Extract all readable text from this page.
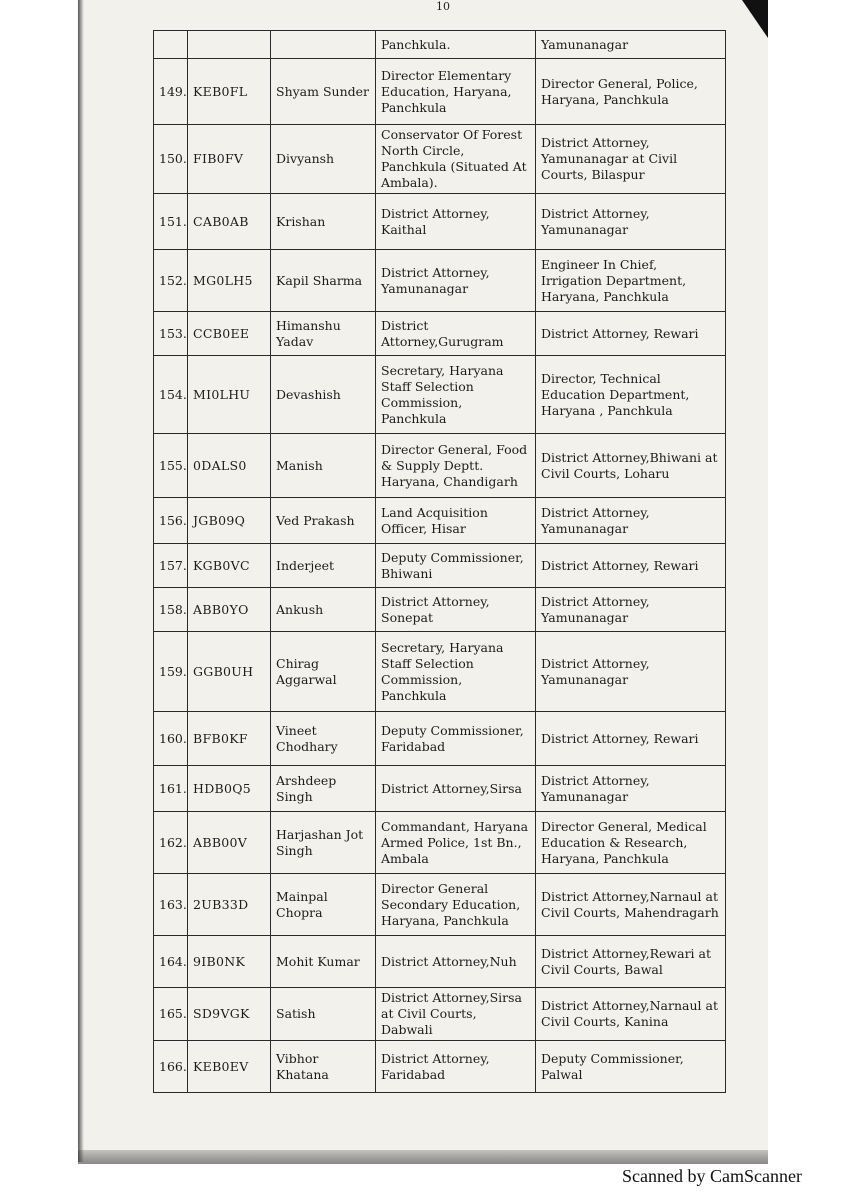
10
			Panchkula.	Yamunanagar
149.	KEB0FL	Shyam Sunder	Director Elementary Education, Haryana, Panchkula	Director General, Police, Haryana, Panchkula
150.	FIB0FV	Divyansh	Conservator Of Forest North Circle, Panchkula (Situated At Ambala).	District Attorney, Yamunanagar at Civil Courts, Bilaspur
151.	CAB0AB	Krishan	District Attorney, Kaithal	District Attorney, Yamunanagar
152.	MG0LH5	Kapil Sharma	District Attorney, Yamunanagar	Engineer In Chief, Irrigation Department, Haryana, Panchkula
153.	CCB0EE	Himanshu Yadav	District Attorney,Gurugram	District Attorney, Rewari
154.	MI0LHU	Devashish	Secretary, Haryana Staff Selection Commission, Panchkula	Director, Technical Education Department, Haryana , Panchkula
155.	0DALS0	Manish	Director General, Food & Supply Deptt. Haryana, Chandigarh	District Attorney,Bhiwani at Civil Courts, Loharu
156.	JGB09Q	Ved Prakash	Land Acquisition Officer, Hisar	District Attorney, Yamunanagar
157.	KGB0VC	Inderjeet	Deputy Commissioner, Bhiwani	District Attorney, Rewari
158.	ABB0YO	Ankush	District Attorney, Sonepat	District Attorney, Yamunanagar
159.	GGB0UH	Chirag Aggarwal	Secretary, Haryana Staff Selection Commission, Panchkula	District Attorney, Yamunanagar
160.	BFB0KF	Vineet Chodhary	Deputy Commissioner, Faridabad	District Attorney, Rewari
161.	HDB0Q5	Arshdeep Singh	District Attorney,Sirsa	District Attorney, Yamunanagar
162.	ABB00V	Harjashan Jot Singh	Commandant, Haryana Armed Police, 1st Bn., Ambala	Director General, Medical Education & Research, Haryana, Panchkula
163.	2UB33D	Mainpal Chopra	Director General Secondary Education, Haryana, Panchkula	District Attorney,Narnaul at Civil Courts, Mahendragarh
164.	9IB0NK	Mohit Kumar	District Attorney,Nuh	District Attorney,Rewari at Civil Courts, Bawal
165.	SD9VGK	Satish	District Attorney,Sirsa at Civil Courts, Dabwali	District Attorney,Narnaul at Civil Courts, Kanina
166.	KEB0EV	Vibhor Khatana	District Attorney, Faridabad	Deputy Commissioner, Palwal
Scanned by CamScanner
